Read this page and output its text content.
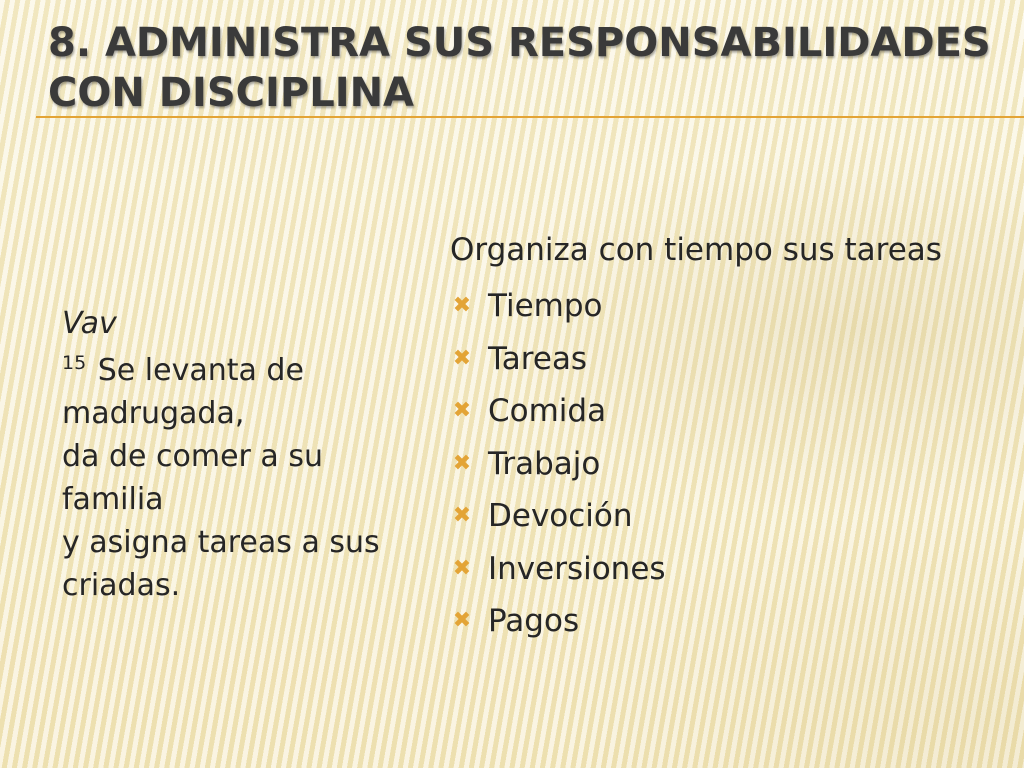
8. ADMINISTRA SUS RESPONSABILIDADES CON DISCIPLINA
Vav
$^{15}$ Se levanta de madrugada,
da de comer a su familia
y asigna tareas a sus criadas.
Organiza con tiempo sus tareas
✖ Tiempo
✖ Tareas
✖ Comida
✖ Trabajo
✖ Devoción
✖ Inversiones
✖ Pagos
